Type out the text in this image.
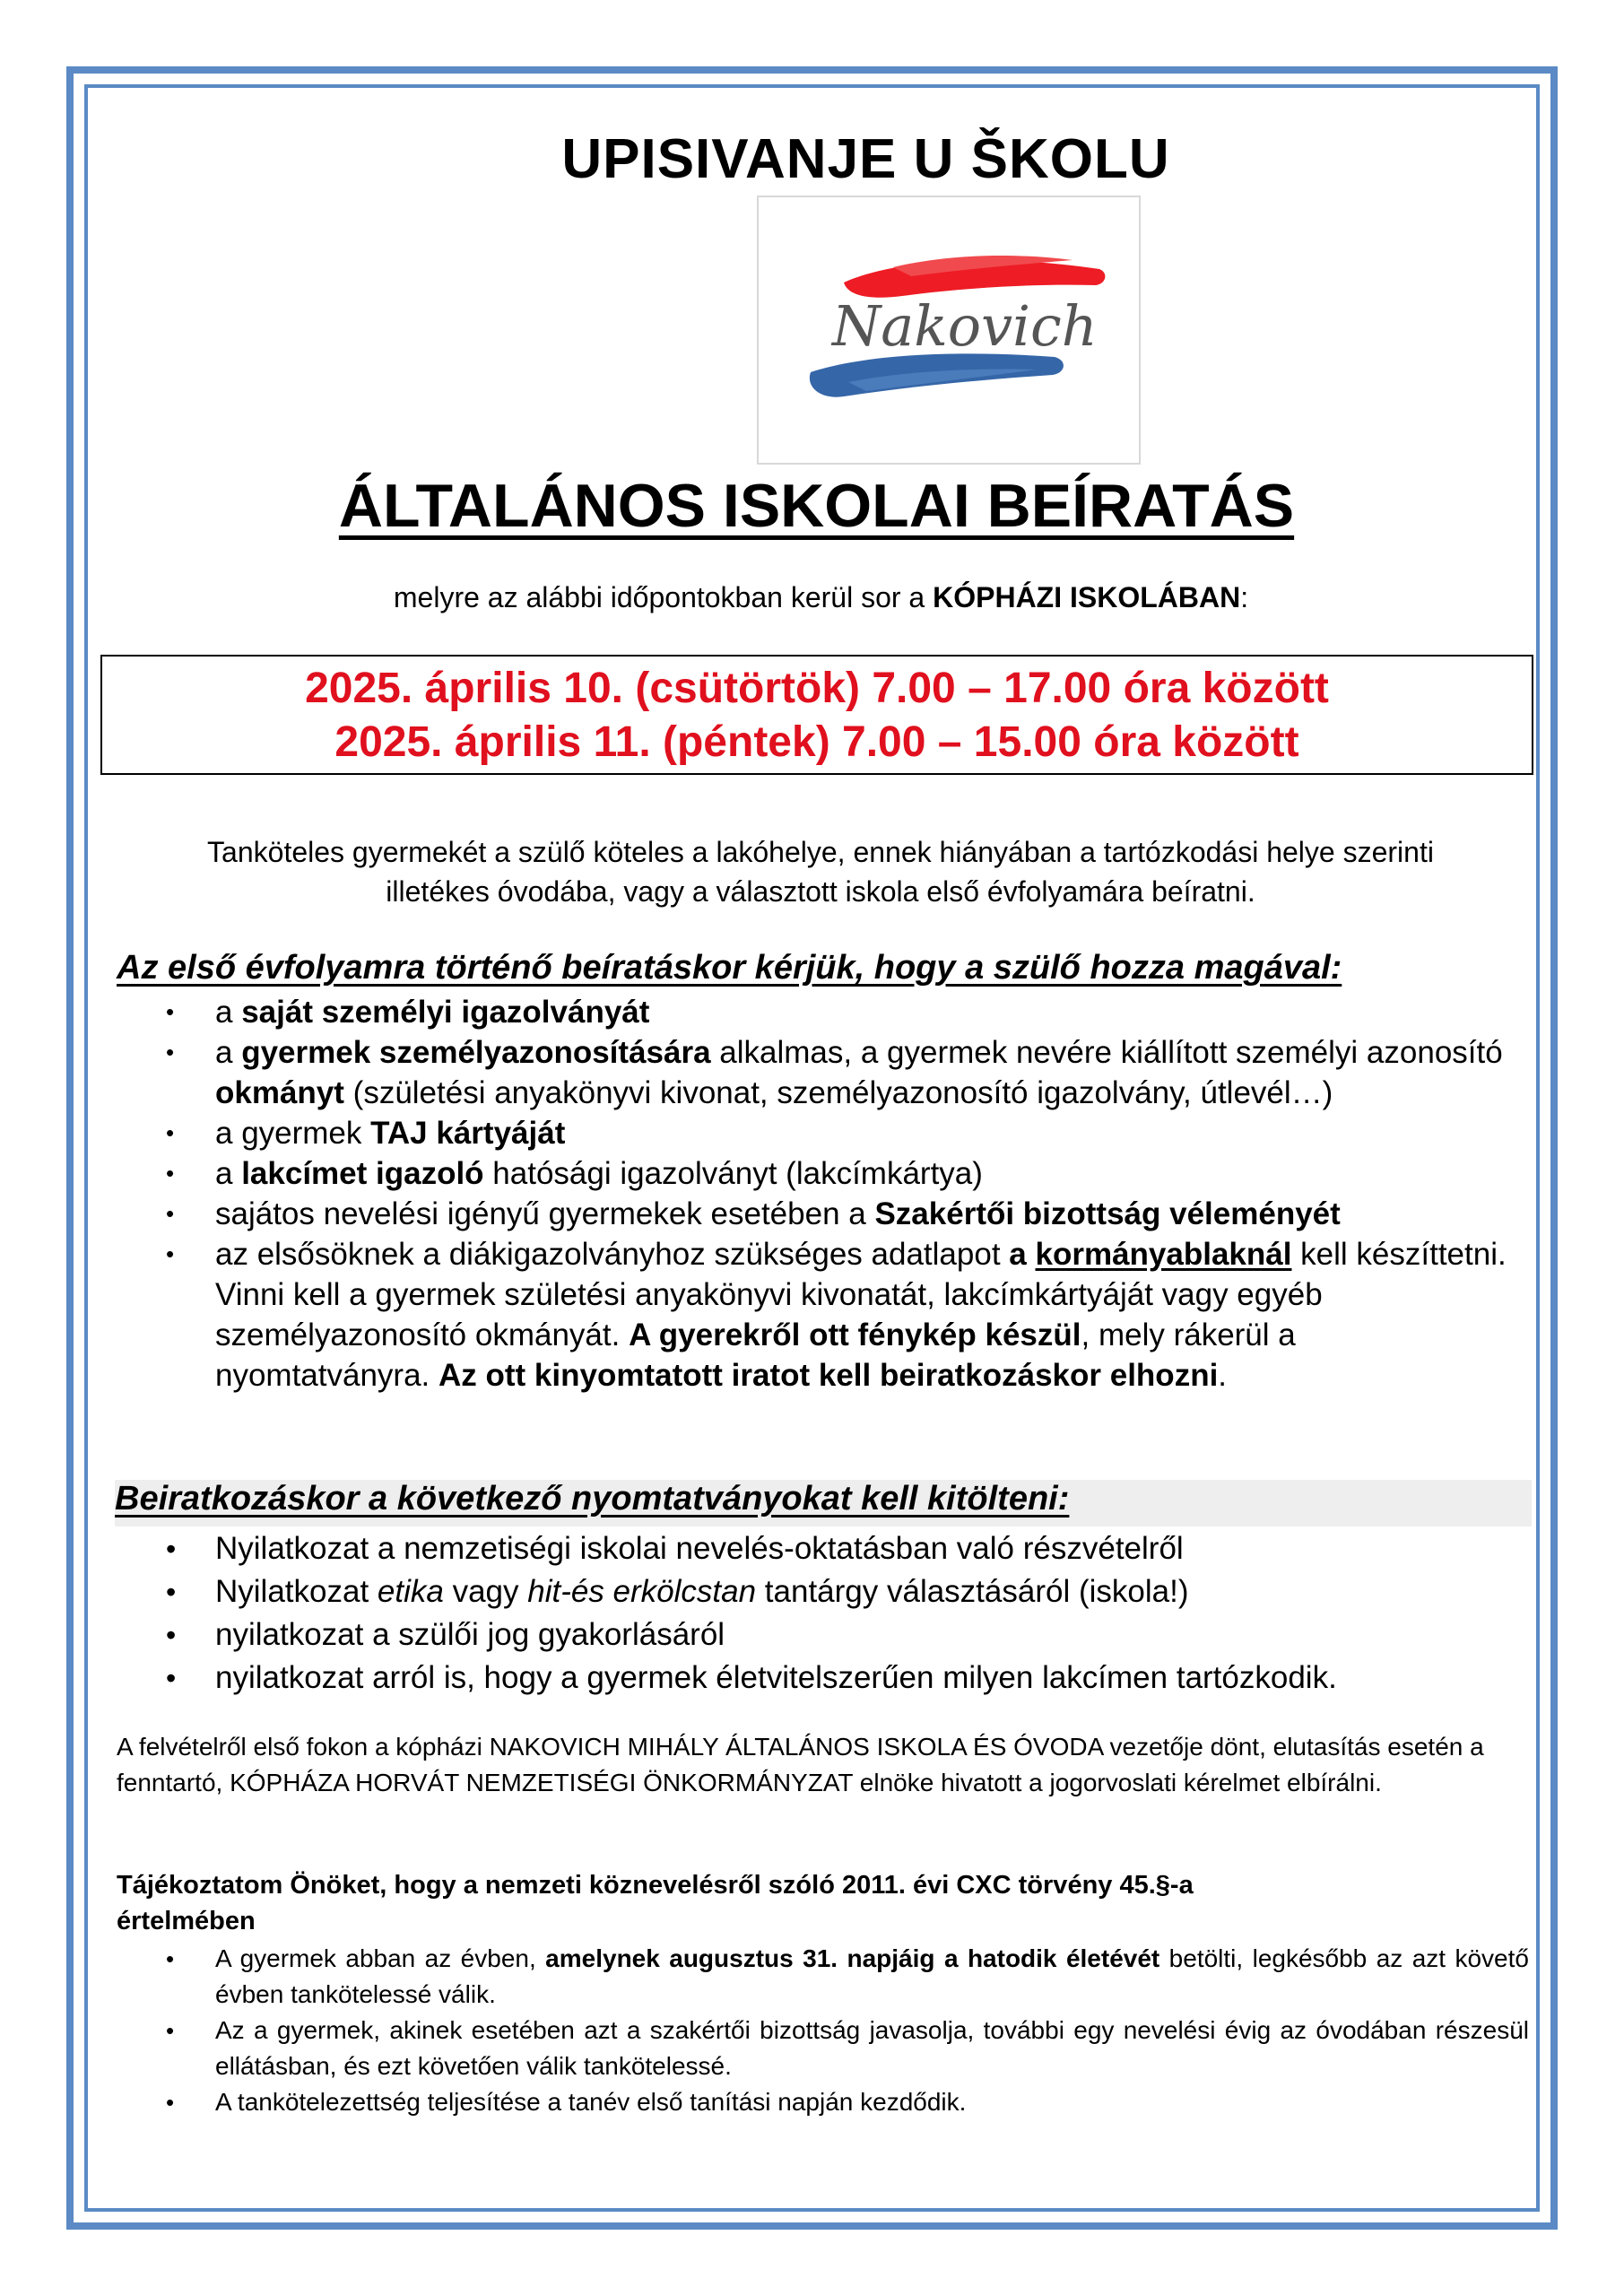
UPISIVANJE U ŠKOLU
Nakovich
ÁLTALÁNOS ISKOLAI BEÍRATÁS
melyre az alábbi időpontokban kerül sor a KÓPHÁZI ISKOLÁBAN:
2025. április 10. (csütörtök) 7.00 – 17.00 óra között
2025. április 11. (péntek) 7.00 – 15.00 óra között
Tanköteles gyermekét a szülő köteles a lakóhelye, ennek hiányában a tartózkodási helye szerinti
illetékes óvodába, vagy a választott iskola első évfolyamára beíratni.
Az első évfolyamra történő beíratáskor kérjük, hogy a szülő hozza magával:
• a saját személyi igazolványát
• a gyermek személyazonosítására alkalmas, a gyermek nevére kiállított személyi azonosító okmányt (születési anyakönyvi kivonat, személyazonosító igazolvány, útlevél…)
• a gyermek TAJ kártyáját
• a lakcímet igazoló hatósági igazolványt (lakcímkártya)
• sajátos nevelési igényű gyermekek esetében a Szakértői bizottság véleményét
• az elsősöknek a diákigazolványhoz szükséges adatlapot a kormányablaknál kell készíttetni. Vinni kell a gyermek születési anyakönyvi kivonatát, lakcímkártyáját vagy egyéb személyazonosító okmányát. A gyerekről ott fénykép készül, mely rákerül a nyomtatványra. Az ott kinyomtatott iratot kell beiratkozáskor elhozni.
Beiratkozáskor a következő nyomtatványokat kell kitölteni:
• Nyilatkozat a nemzetiségi iskolai nevelés-oktatásban való részvételről
• Nyilatkozat etika vagy hit-és erkölcstan tantárgy választásáról (iskola!)
• nyilatkozat a szülői jog gyakorlásáról
• nyilatkozat arról is, hogy a gyermek életvitelszerűen milyen lakcímen tartózkodik.
A felvételről első fokon a kópházi NAKOVICH MIHÁLY ÁLTALÁNOS ISKOLA ÉS ÓVODA vezetője dönt, elutasítás esetén a fenntartó, KÓPHÁZA HORVÁT NEMZETISÉGI ÖNKORMÁNYZAT elnöke hivatott a jogorvoslati kérelmet elbírálni.
Tájékoztatom Önöket, hogy a nemzeti köznevelésről szóló 2011. évi CXC törvény 45.§-a
értelmében
• A gyermek abban az évben, amelynek augusztus 31. napjáig a hatodik életévét betölti, legkésőbb az azt követő évben tankötelessé válik.
• Az a gyermek, akinek esetében azt a szakértői bizottság javasolja, további egy nevelési évig az óvodában részesül ellátásban, és ezt követően válik tankötelessé.
• A tankötelezettség teljesítése a tanév első tanítási napján kezdődik.
